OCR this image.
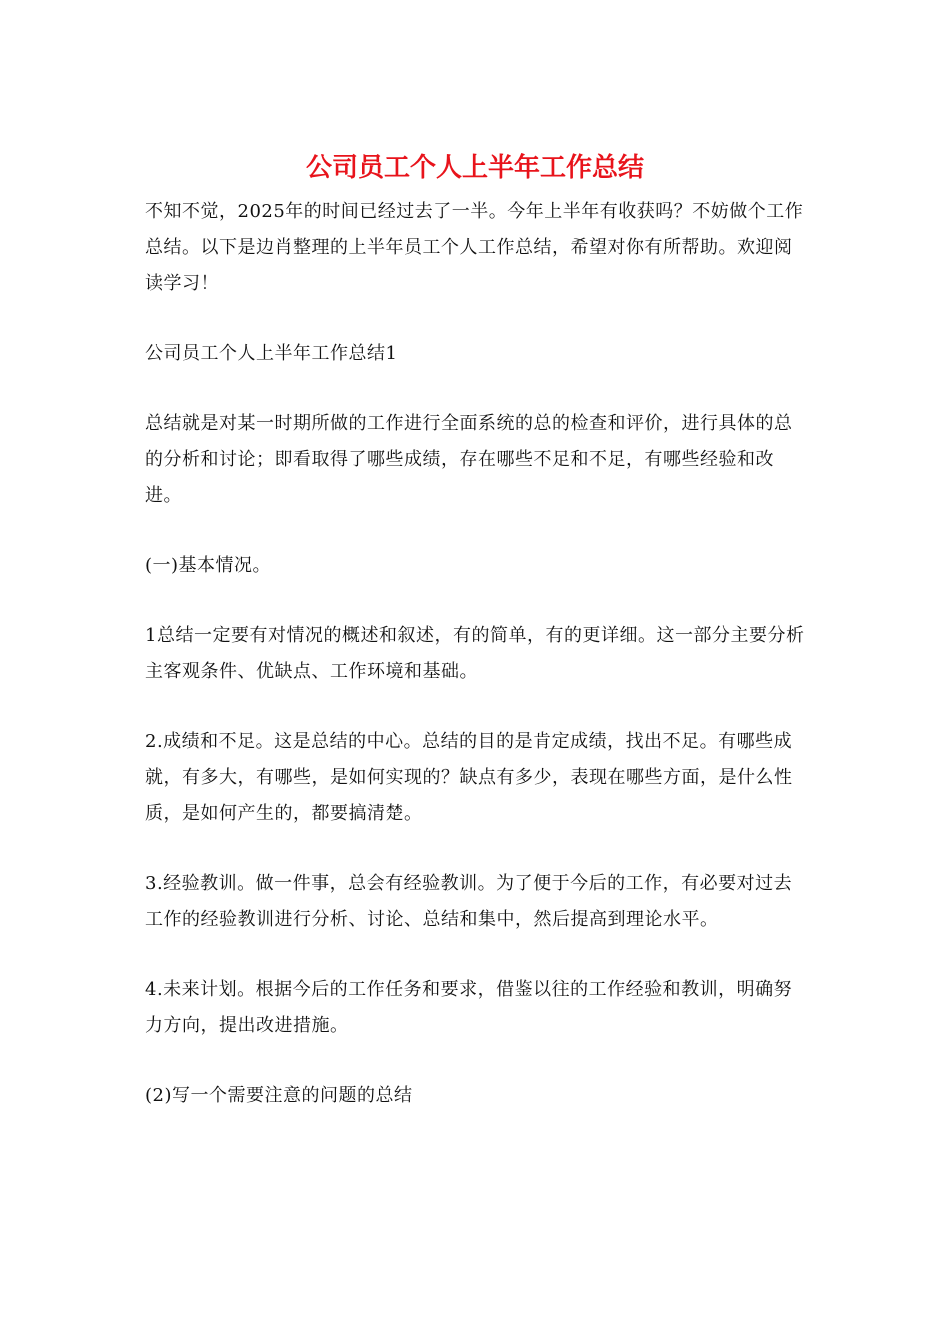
公司员工个人上半年工作总结

不知不觉，2025年的时间已经过去了一半。今年上半年有收获吗？不妨做个工作总结。以下是边肖整理的上半年员工个人工作总结，希望对你有所帮助。欢迎阅读学习！

公司员工个人上半年工作总结1

总结就是对某一时期所做的工作进行全面系统的总的检查和评价，进行具体的总的分析和讨论；即看取得了哪些成绩，存在哪些不足和不足，有哪些经验和改进。

(一)基本情况。

1总结一定要有对情况的概述和叙述，有的简单，有的更详细。这一部分主要分析主客观条件、优缺点、工作环境和基础。

2.成绩和不足。这是总结的中心。总结的目的是肯定成绩，找出不足。有哪些成就，有多大，有哪些，是如何实现的？缺点有多少，表现在哪些方面，是什么性质，是如何产生的，都要搞清楚。

3.经验教训。做一件事，总会有经验教训。为了便于今后的工作，有必要对过去工作的经验教训进行分析、讨论、总结和集中，然后提高到理论水平。

4.未来计划。根据今后的工作任务和要求，借鉴以往的工作经验和教训，明确努力方向，提出改进措施。

(2)写一个需要注意的问题的总结
